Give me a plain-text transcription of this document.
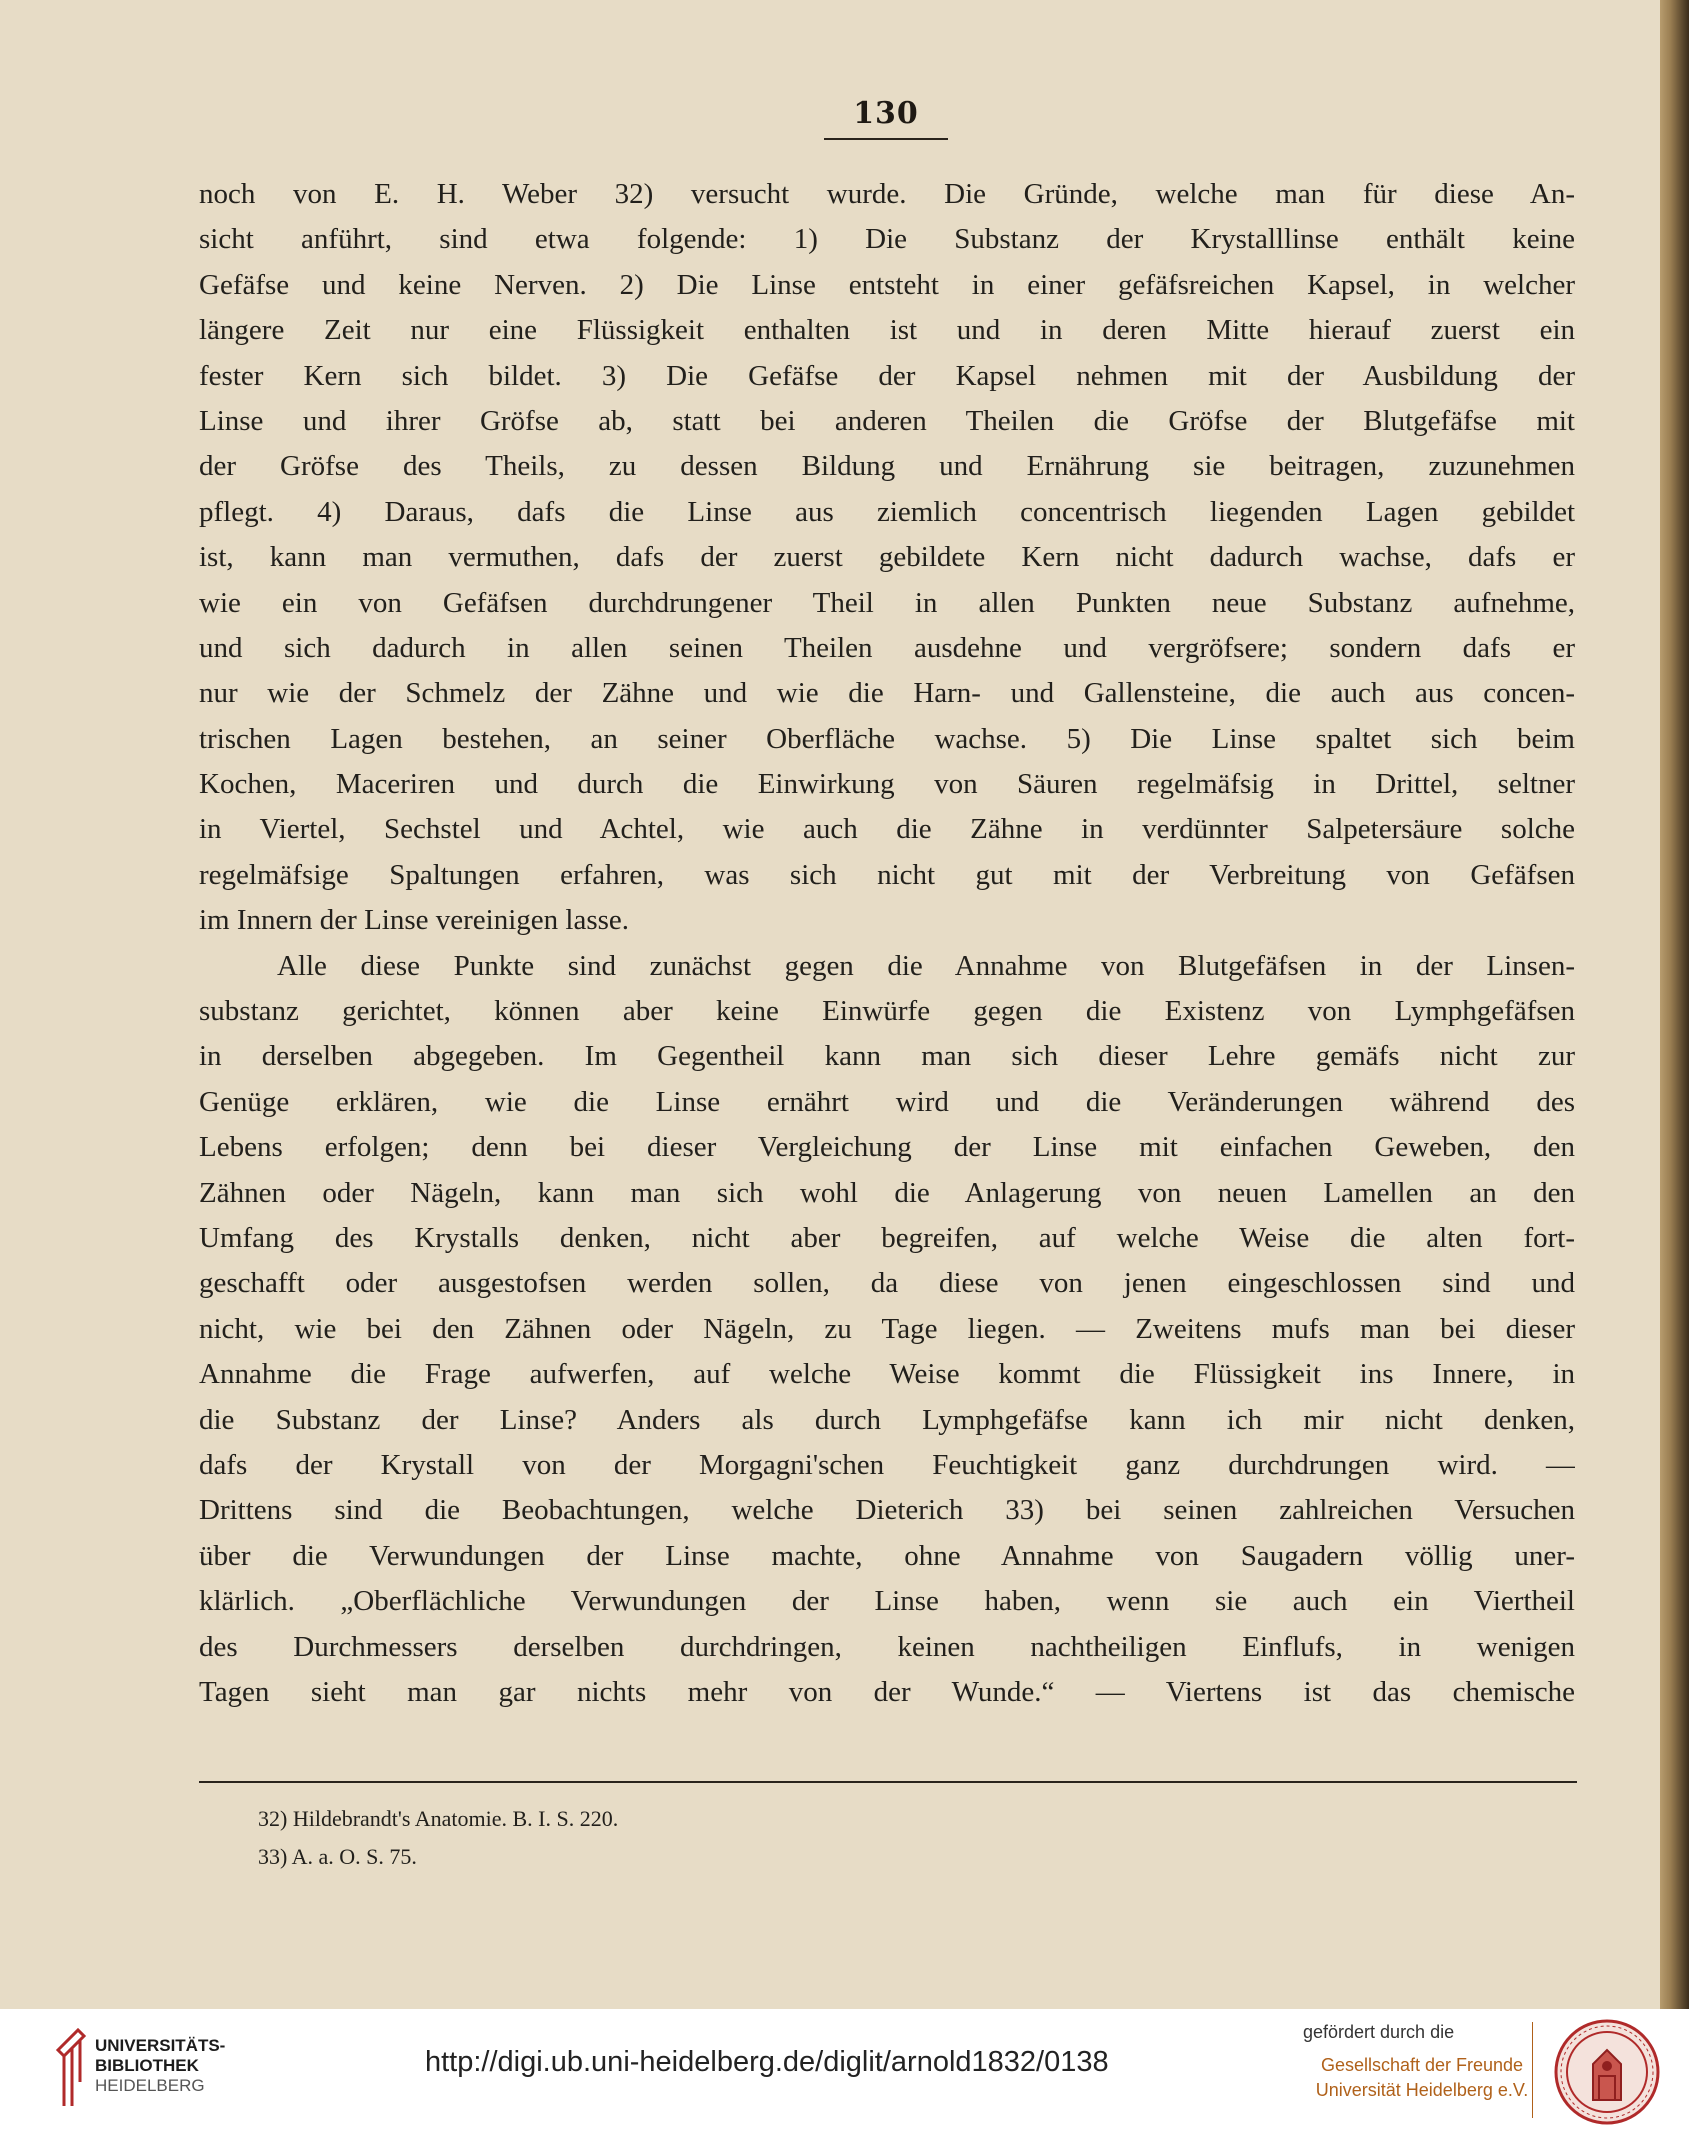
130
noch von E. H. Weber 32) versucht wurde. Die Gründe, welche man für diese An-
sicht anführt, sind etwa folgende: 1) Die Substanz der Krystalllinse enthält keine
Gefäfse und keine Nerven. 2) Die Linse entsteht in einer gefäfsreichen Kapsel, in welcher
längere Zeit nur eine Flüssigkeit enthalten ist und in deren Mitte hierauf zuerst ein
fester Kern sich bildet. 3) Die Gefäfse der Kapsel nehmen mit der Ausbildung der
Linse und ihrer Gröfse ab, statt bei anderen Theilen die Gröfse der Blutgefäfse mit
der Gröfse des Theils, zu dessen Bildung und Ernährung sie beitragen, zuzunehmen
pflegt. 4) Daraus, dafs die Linse aus ziemlich concentrisch liegenden Lagen gebildet
ist, kann man vermuthen, dafs der zuerst gebildete Kern nicht dadurch wachse, dafs er
wie ein von Gefäfsen durchdrungener Theil in allen Punkten neue Substanz aufnehme,
und sich dadurch in allen seinen Theilen ausdehne und vergröfsere; sondern dafs er
nur wie der Schmelz der Zähne und wie die Harn- und Gallensteine, die auch aus concen-
trischen Lagen bestehen, an seiner Oberfläche wachse. 5) Die Linse spaltet sich beim
Kochen, Maceriren und durch die Einwirkung von Säuren regelmäfsig in Drittel, seltner
in Viertel, Sechstel und Achtel, wie auch die Zähne in verdünnter Salpetersäure solche
regelmäfsige Spaltungen erfahren, was sich nicht gut mit der Verbreitung von Gefäfsen
im Innern der Linse vereinigen lasse.
Alle diese Punkte sind zunächst gegen die Annahme von Blutgefäfsen in der Linsen-
substanz gerichtet, können aber keine Einwürfe gegen die Existenz von Lymphgefäfsen
in derselben abgegeben. Im Gegentheil kann man sich dieser Lehre gemäfs nicht zur
Genüge erklären, wie die Linse ernährt wird und die Veränderungen während des
Lebens erfolgen; denn bei dieser Vergleichung der Linse mit einfachen Geweben, den
Zähnen oder Nägeln, kann man sich wohl die Anlagerung von neuen Lamellen an den
Umfang des Krystalls denken, nicht aber begreifen, auf welche Weise die alten fort-
geschafft oder ausgestofsen werden sollen, da diese von jenen eingeschlossen sind und
nicht, wie bei den Zähnen oder Nägeln, zu Tage liegen. — Zweitens mufs man bei dieser
Annahme die Frage aufwerfen, auf welche Weise kommt die Flüssigkeit ins Innere, in
die Substanz der Linse? Anders als durch Lymphgefäfse kann ich mir nicht denken,
dafs der Krystall von der Morgagni'schen Feuchtigkeit ganz durchdrungen wird. —
Drittens sind die Beobachtungen, welche Dieterich 33) bei seinen zahlreichen Versuchen
über die Verwundungen der Linse machte, ohne Annahme von Saugadern völlig uner-
klärlich. „Oberflächliche Verwundungen der Linse haben, wenn sie auch ein Viertheil
des Durchmessers derselben durchdringen, keinen nachtheiligen Einflufs, in wenigen
Tagen sieht man gar nichts mehr von der Wunde.“ — Viertens ist das chemische
32) Hildebrandt's Anatomie. B. I. S. 220.
33) A. a. O. S. 75.
UNIVERSITÄTS-
BIBLIOTHEK
HEIDELBERG
http://digi.ub.uni-heidelberg.de/diglit/arnold1832/0138
gefördert durch die
Gesellschaft der Freunde
Universität Heidelberg e.V.
